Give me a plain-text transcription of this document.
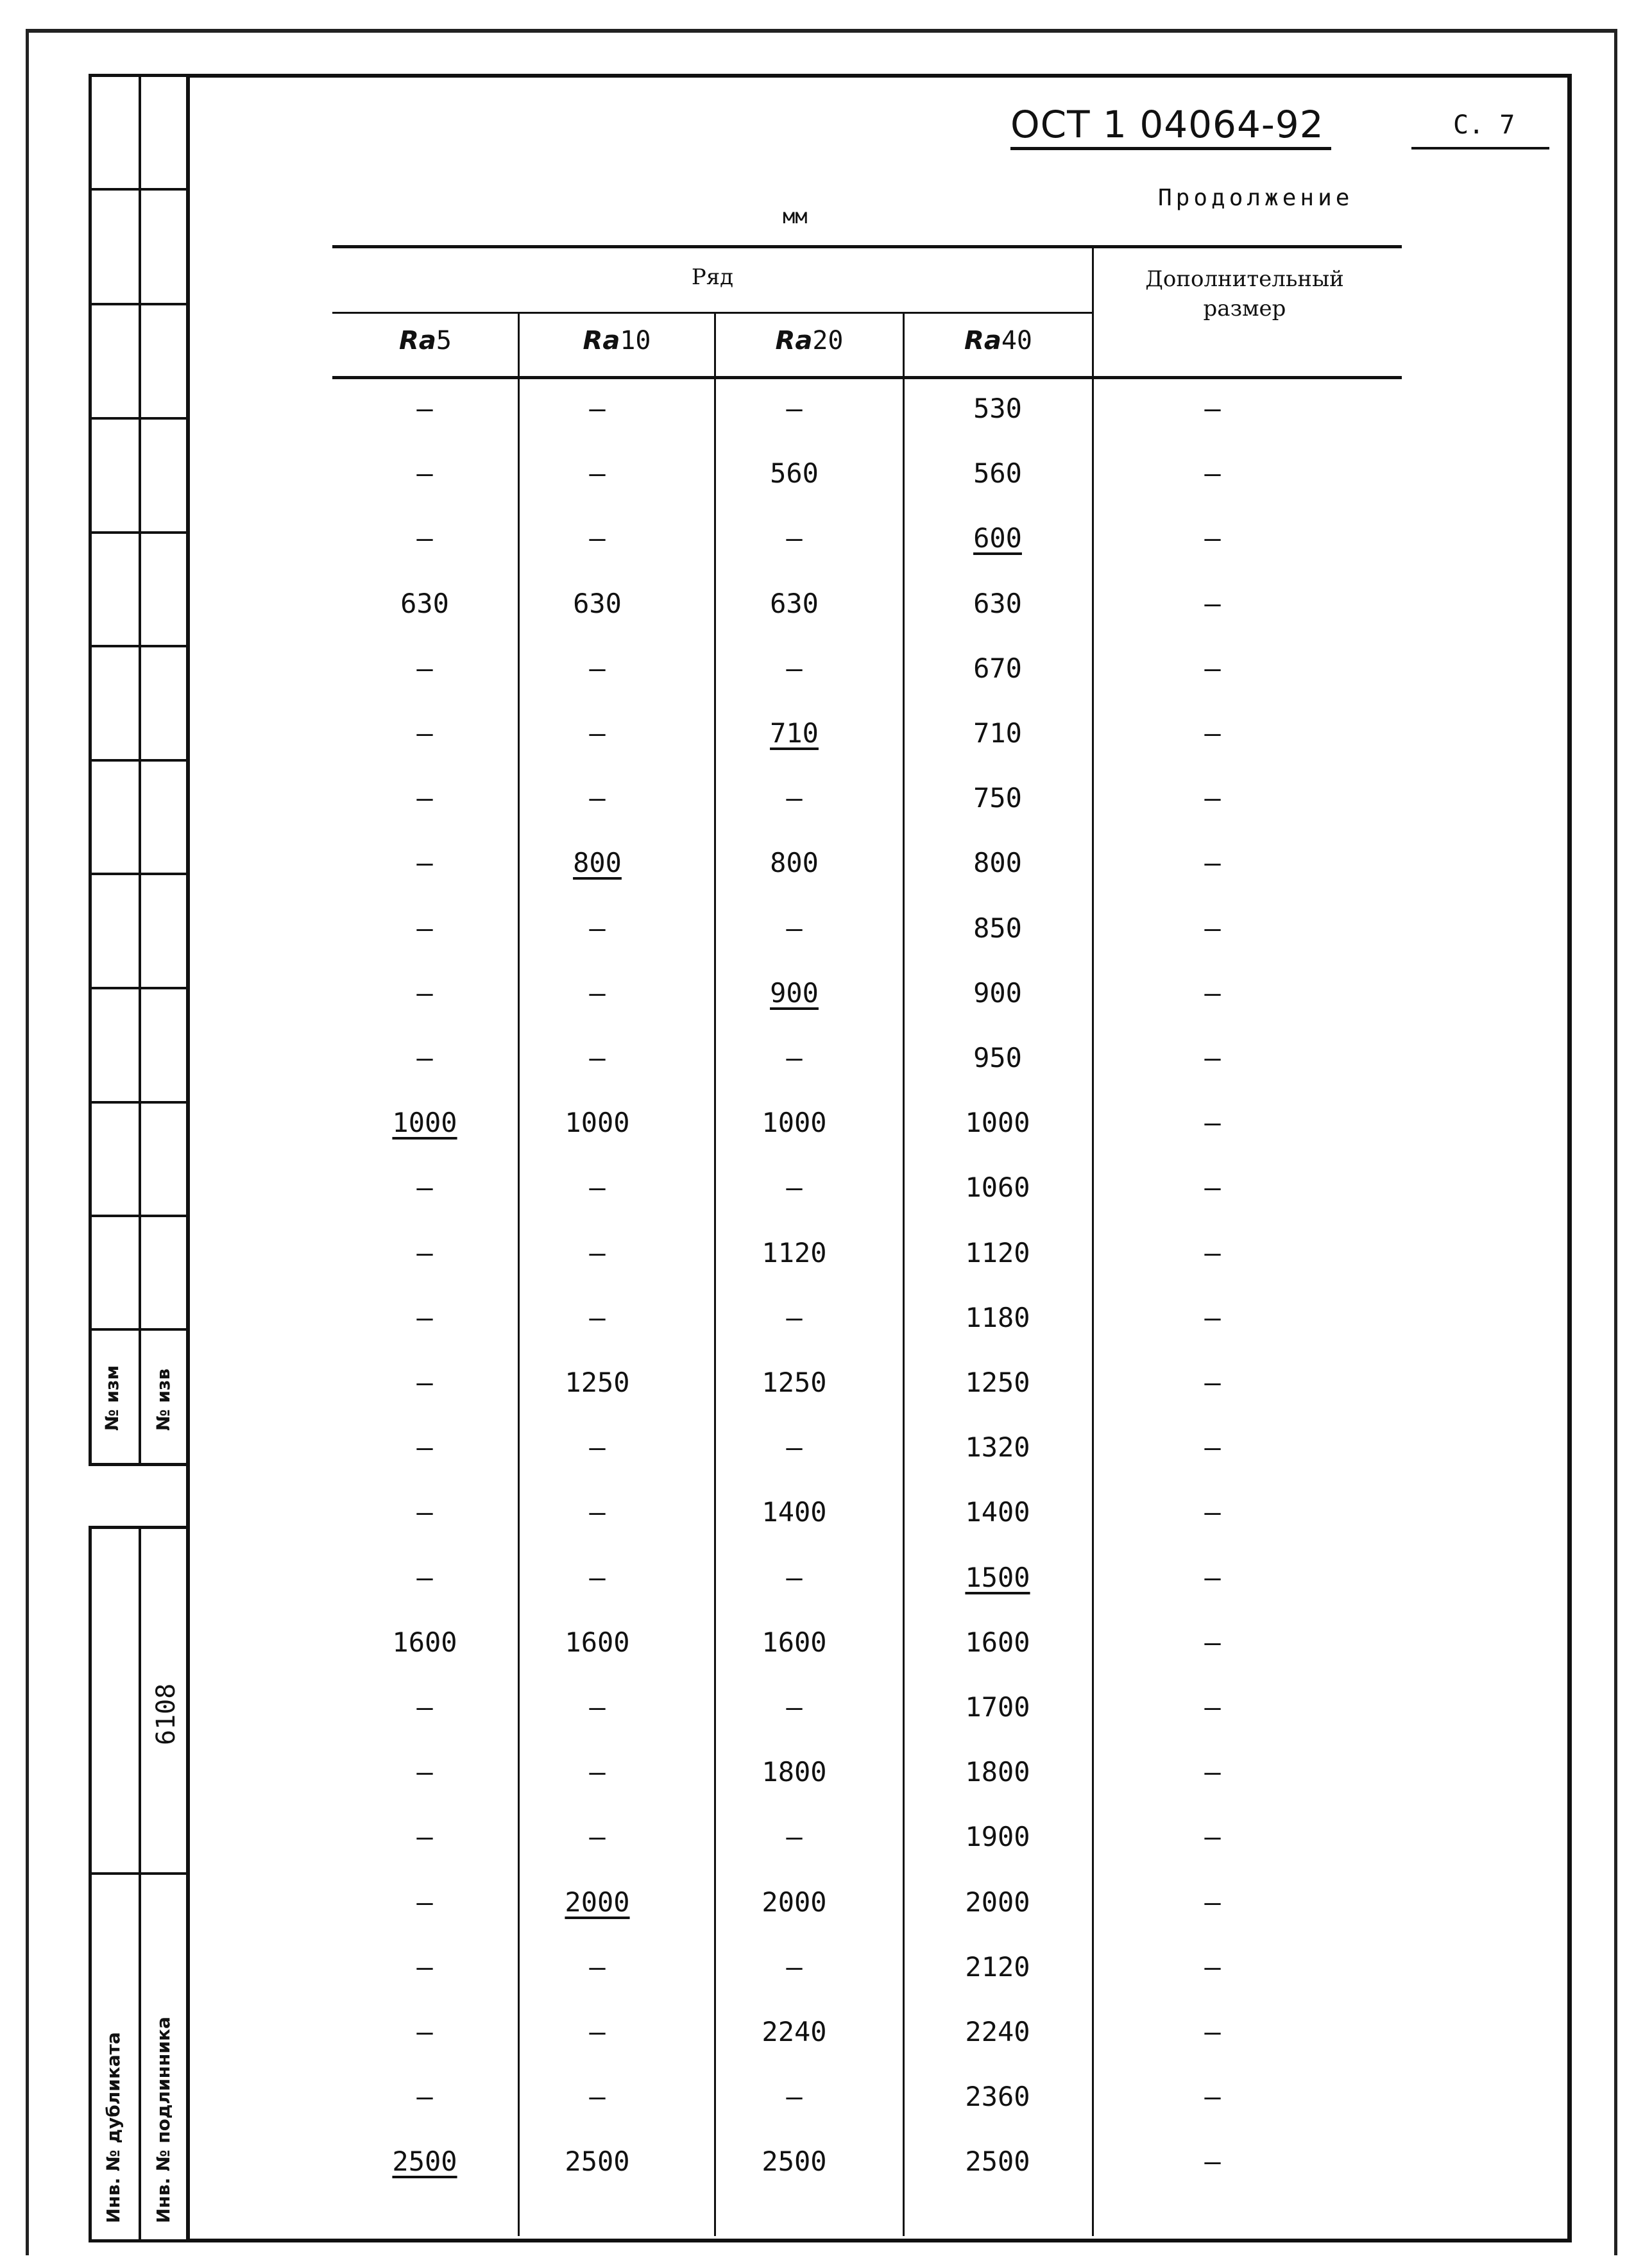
№ изм № изв
Инв. № дубликата Инв. № подлинника
6108
ОСТ 1 04064-92	С. 7
Продолжение
мм
Ряд	Дополнительный размер
Ra5	Ra10	Ra20	Ra40
–	–	–	530	–
–	–	560	560	–
–	–	–	600	–
630	630	630	630	–
–	–	–	670	–
–	–	710	710	–
–	–	–	750	–
–	800	800	800	–
–	–	–	850	–
–	–	900	900	–
–	–	–	950	–
1000	1000	1000	1000	–
–	–	–	1060	–
–	–	1120	1120	–
–	–	–	1180	–
–	1250	1250	1250	–
–	–	–	1320	–
–	–	1400	1400	–
–	–	–	1500	–
1600	1600	1600	1600	–
–	–	–	1700	–
–	–	1800	1800	–
–	–	–	1900	–
–	2000	2000	2000	–
–	–	–	2120	–
–	–	2240	2240	–
–	–	–	2360	–
2500	2500	2500	2500	–
